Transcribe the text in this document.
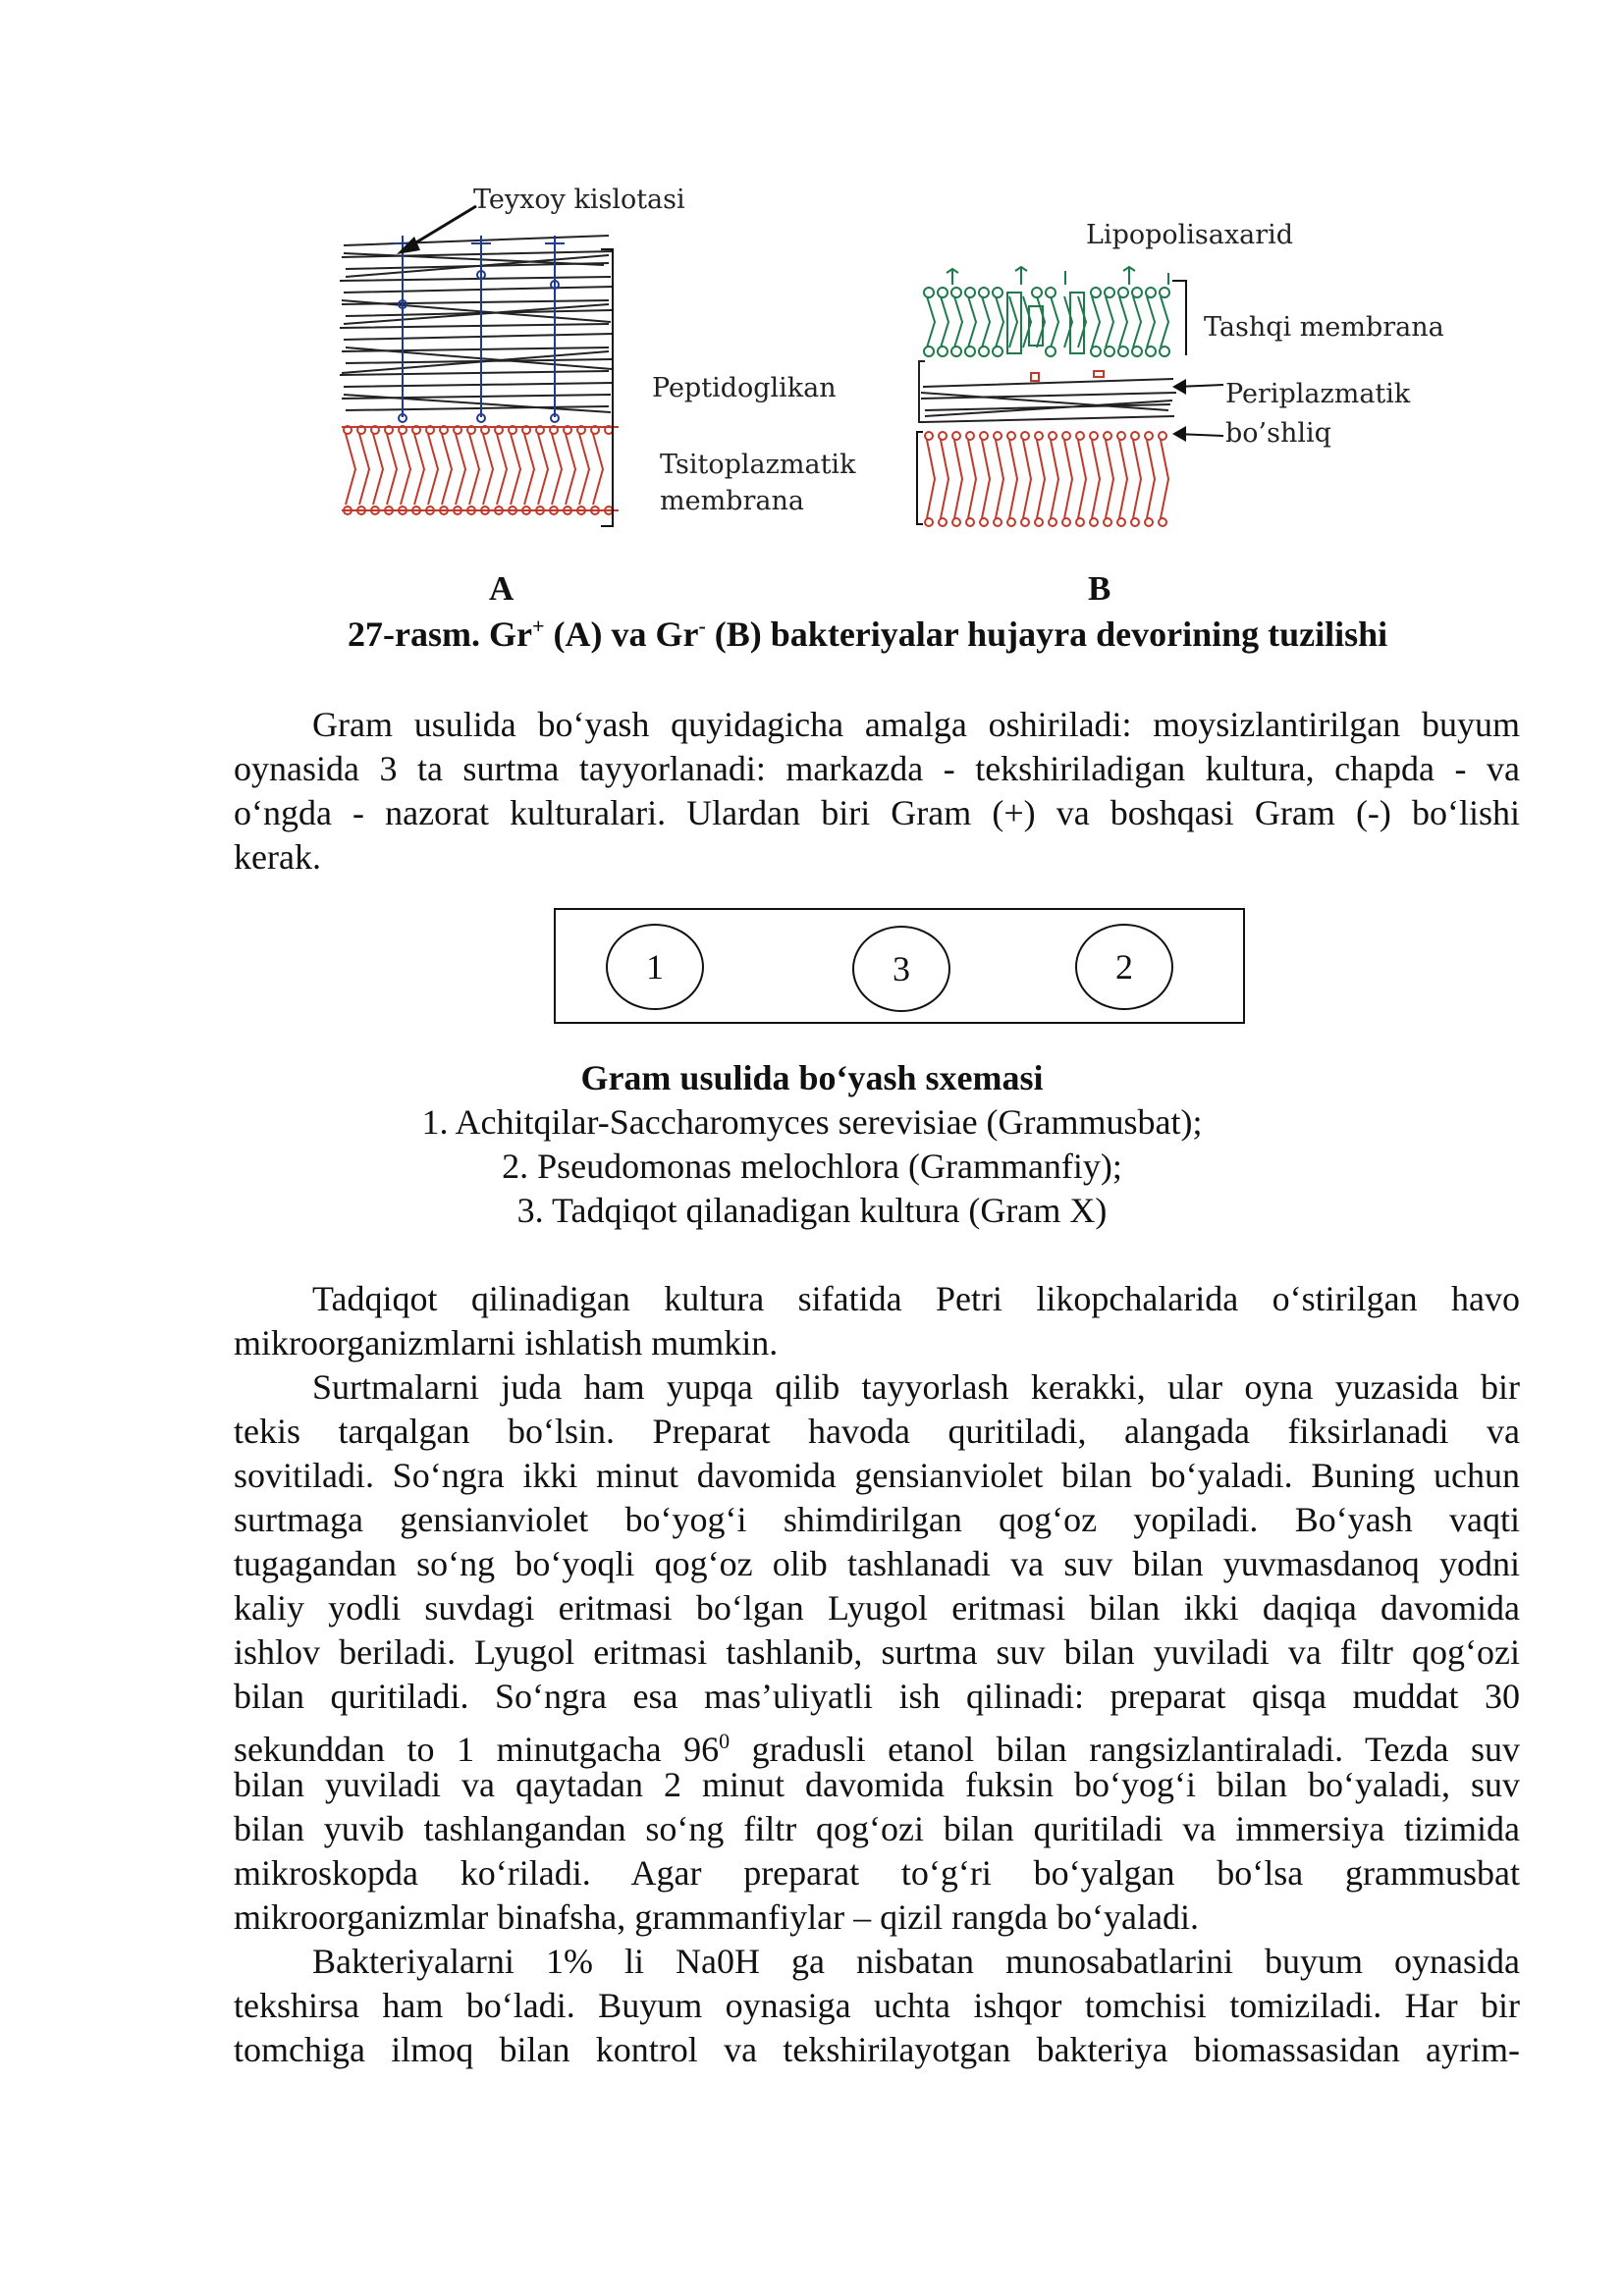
Teyxoy kislotasi
Peptidoglikan
Tsitoplazmatik
membrana
Lipopolisaxarid
Tashqi membrana
Periplazmatik
bo’shliq
A	B
27-rasm. Gr+ (A) va Gr- (B) bakteriyalar hujayra devorining tuzilishi
Gram usulida bo‘yash quyidagicha amalga oshiriladi: moysizlantirilgan buyum
oynasida 3 ta surtma tayyorlanadi: markazda - tekshiriladigan kultura, chapda - va
o‘ngda - nazorat kulturalari. Ulardan biri Gram (+) va boshqasi Gram (-) bo‘lishi
kerak.
1	3	2
Gram usulida bo‘yash sxemasi
1. Achitqilar-Saccharomyces serevisiae (Grammusbat);
2. Pseudomonas melochlora (Grammanfiy);
3. Tadqiqot qilanadigan kultura (Gram X)
Tadqiqot qilinadigan kultura sifatida Petri likopchalarida o‘stirilgan havo
mikroorganizmlarni ishlatish mumkin.
Surtmalarni juda ham yupqa qilib tayyorlash kerakki, ular oyna yuzasida bir
tekis tarqalgan bo‘lsin. Preparat havoda quritiladi, alangada fiksirlanadi va
sovitiladi. So‘ngra ikki minut davomida gensianviolet bilan bo‘yaladi. Buning uchun
surtmaga gensianviolet bo‘yog‘i shimdirilgan qog‘oz yopiladi. Bo‘yash vaqti
tugagandan so‘ng bo‘yoqli qog‘oz olib tashlanadi va suv bilan yuvmasdanoq yodni
kaliy yodli suvdagi eritmasi bo‘lgan Lyugol eritmasi bilan ikki daqiqa davomida
ishlov beriladi. Lyugol eritmasi tashlanib, surtma suv bilan yuviladi va filtr qog‘ozi
bilan quritiladi. So‘ngra esa mas’uliyatli ish qilinadi: preparat qisqa muddat 30
sekunddan to 1 minutgacha $96^0$ gradusli etanol bilan rangsizlantiraladi. Tezda suv
bilan yuviladi va qaytadan 2 minut davomida fuksin bo‘yog‘i bilan bo‘yaladi, suv
bilan yuvib tashlangandan so‘ng filtr qog‘ozi bilan quritiladi va immersiya tizimida
mikroskopda ko‘riladi. Agar preparat to‘g‘ri bo‘yalgan bo‘lsa grammusbat
mikroorganizmlar binafsha, grammanfiylar – qizil rangda bo‘yaladi.
Bakteriyalarni 1% li Na0H ga nisbatan munosabatlarini buyum oynasida
tekshirsa ham bo‘ladi. Buyum oynasiga uchta ishqor tomchisi tomiziladi. Har bir
tomchiga ilmoq bilan kontrol va tekshirilayotgan bakteriya biomassasidan ayrim-
